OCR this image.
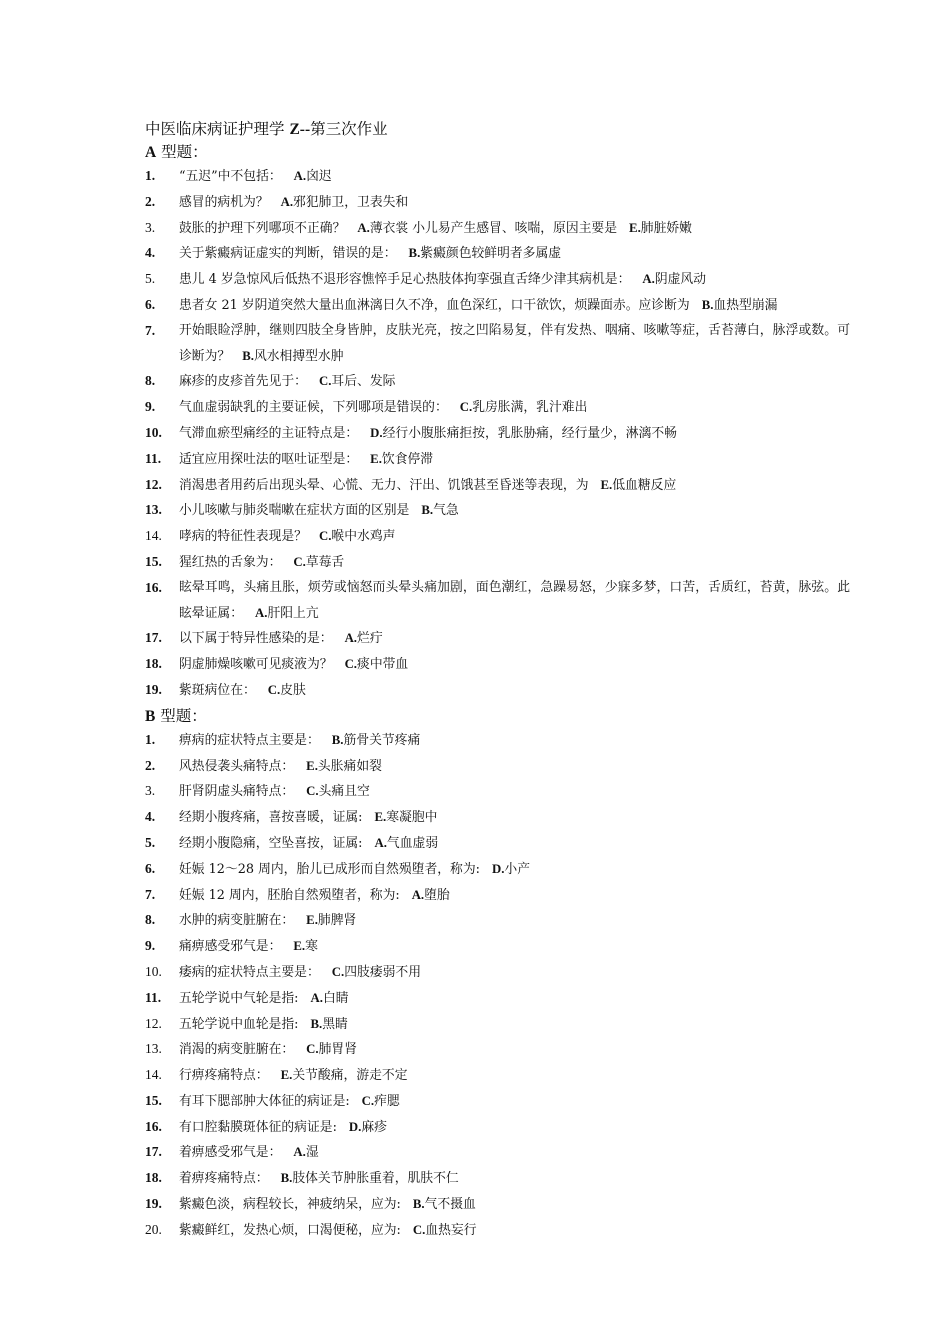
中医临床病证护理学 Z--第三次作业
A 型题：
1.	“五迟”中不包括： A.囟迟
2.	感冒的病机为？ A.邪犯肺卫，卫表失和
3.	鼓胀的护理下列哪项不正确？ A.薄衣裳 小儿易产生感冒、咳喘，原因主要是 E.肺脏娇嫩
4.	关于紫癜病证虚实的判断，错误的是： B.紫癜颜色较鲜明者多属虚
5.	患儿 4 岁急惊风后低热不退形容憔悴手足心热肢体拘挛强直舌绛少津其病机是： A.阴虚风动
6.	患者女 21 岁阴道突然大量出血淋漓日久不净，血色深红，口干欲饮，烦躁面赤。应诊断为 B.血热型崩漏
7.	开始眼睑浮肿，继则四肢全身皆肿，皮肤光亮，按之凹陷易复，伴有发热、咽痛、咳嗽等症，舌苔薄白，脉浮或数。可诊断为？ B.风水相搏型水肿
8.	麻疹的皮疹首先见于： C.耳后、发际
9.	气血虚弱缺乳的主要证候，下列哪项是错误的： C.乳房胀满，乳汁难出
10.	气滞血瘀型痛经的主证特点是： D.经行小腹胀痛拒按，乳胀胁痛，经行量少，淋漓不畅
11.	适宜应用探吐法的呕吐证型是： E.饮食停滞
12.	消渴患者用药后出现头晕、心慌、无力、汗出、饥饿甚至昏迷等表现，为 E.低血糖反应
13.	小儿咳嗽与肺炎喘嗽在症状方面的区别是 B.气急
14.	哮病的特征性表现是？ C.喉中水鸡声
15.	猩红热的舌象为： C.草莓舌
16.	眩晕耳鸣，头痛且胀，烦劳或恼怒而头晕头痛加剧，面色潮红，急躁易怒，少寐多梦，口苦，舌质红，苔黄，脉弦。此眩晕证属： A.肝阳上亢
17.	以下属于特异性感染的是： A.烂疔
18.	阴虚肺燥咳嗽可见痰液为？ C.痰中带血
19.	紫斑病位在： C.皮肤
B 型题：
1.	痹病的症状特点主要是： B.筋骨关节疼痛
2.	风热侵袭头痛特点： E.头胀痛如裂
3.	肝肾阴虚头痛特点： C.头痛且空
4.	经期小腹疼痛，喜按喜暖，证属: E.寒凝胞中
5.	经期小腹隐痛，空坠喜按，证属: A.气血虚弱
6.	妊娠 12～28 周内，胎儿已成形而自然殒堕者，称为: D.小产
7.	妊娠 12 周内，胚胎自然殒堕者，称为: A.堕胎
8.	水肿的病变脏腑在： E.肺脾肾
9.	痛痹感受邪气是： E.寒
10.	痿病的症状特点主要是： C.四肢痿弱不用
11.	五轮学说中气轮是指: A.白睛
12.	五轮学说中血轮是指: B.黑睛
13.	消渴的病变脏腑在： C.肺胃肾
14.	行痹疼痛特点： E.关节酸痛，游走不定
15.	有耳下腮部肿大体征的病证是: C.痄腮
16.	有口腔黏膜斑体征的病证是: D.麻疹
17.	着痹感受邪气是： A.湿
18.	着痹疼痛特点： B.肢体关节肿胀重着，肌肤不仁
19.	紫癜色淡，病程较长，神疲纳呆，应为: B.气不摄血
20.	紫癜鲜红，发热心烦，口渴便秘，应为: C.血热妄行
